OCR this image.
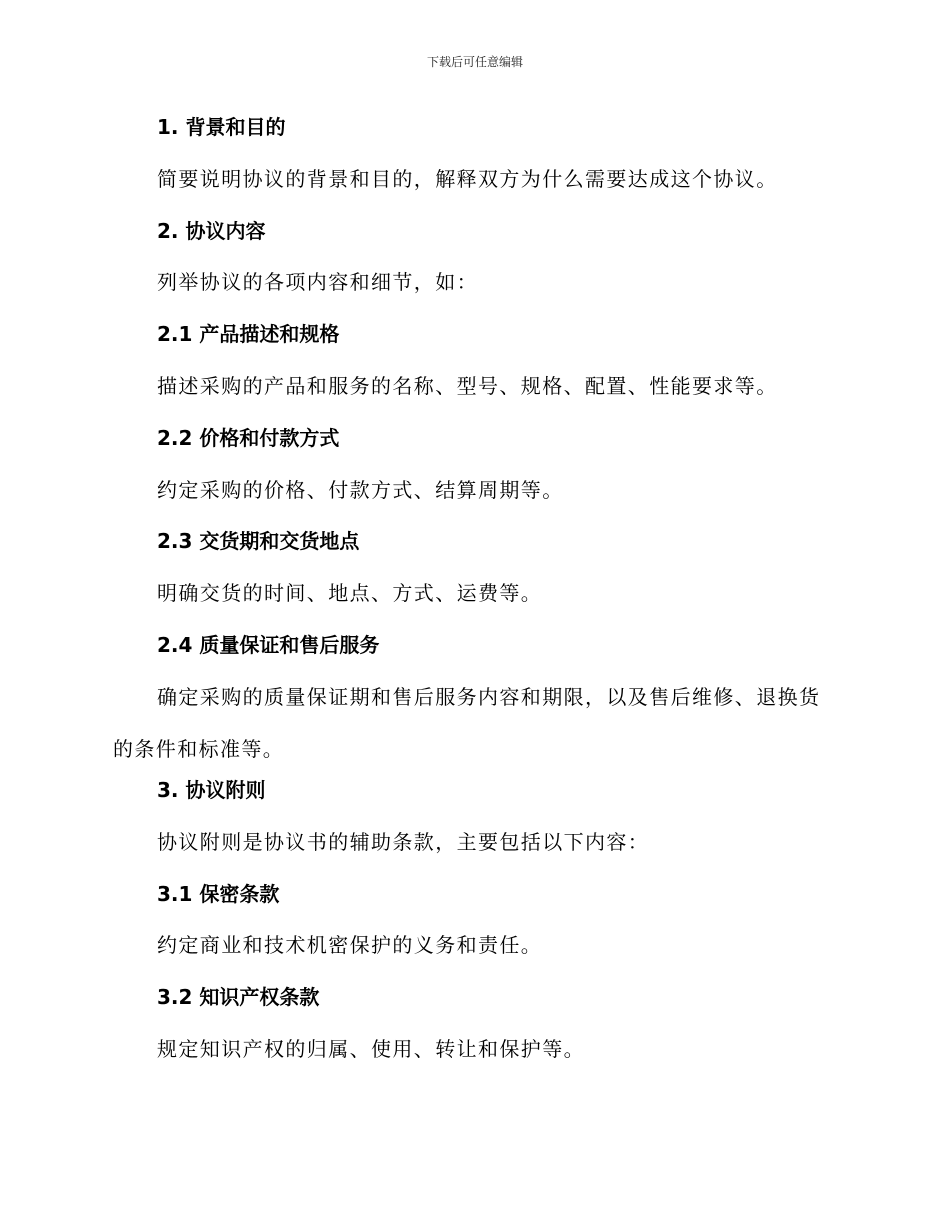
下载后可任意编辑
1. 背景和目的
简要说明协议的背景和目的，解释双方为什么需要达成这个协议。
2. 协议内容
列举协议的各项内容和细节，如：
2.1 产品描述和规格
描述采购的产品和服务的名称、型号、规格、配置、性能要求等。
2.2 价格和付款方式
约定采购的价格、付款方式、结算周期等。
2.3 交货期和交货地点
明确交货的时间、地点、方式、运费等。
2.4 质量保证和售后服务
确定采购的质量保证期和售后服务内容和期限，以及售后维修、退换货的条件和标准等。
3. 协议附则
协议附则是协议书的辅助条款，主要包括以下内容：
3.1 保密条款
约定商业和技术机密保护的义务和责任。
3.2 知识产权条款
规定知识产权的归属、使用、转让和保护等。
